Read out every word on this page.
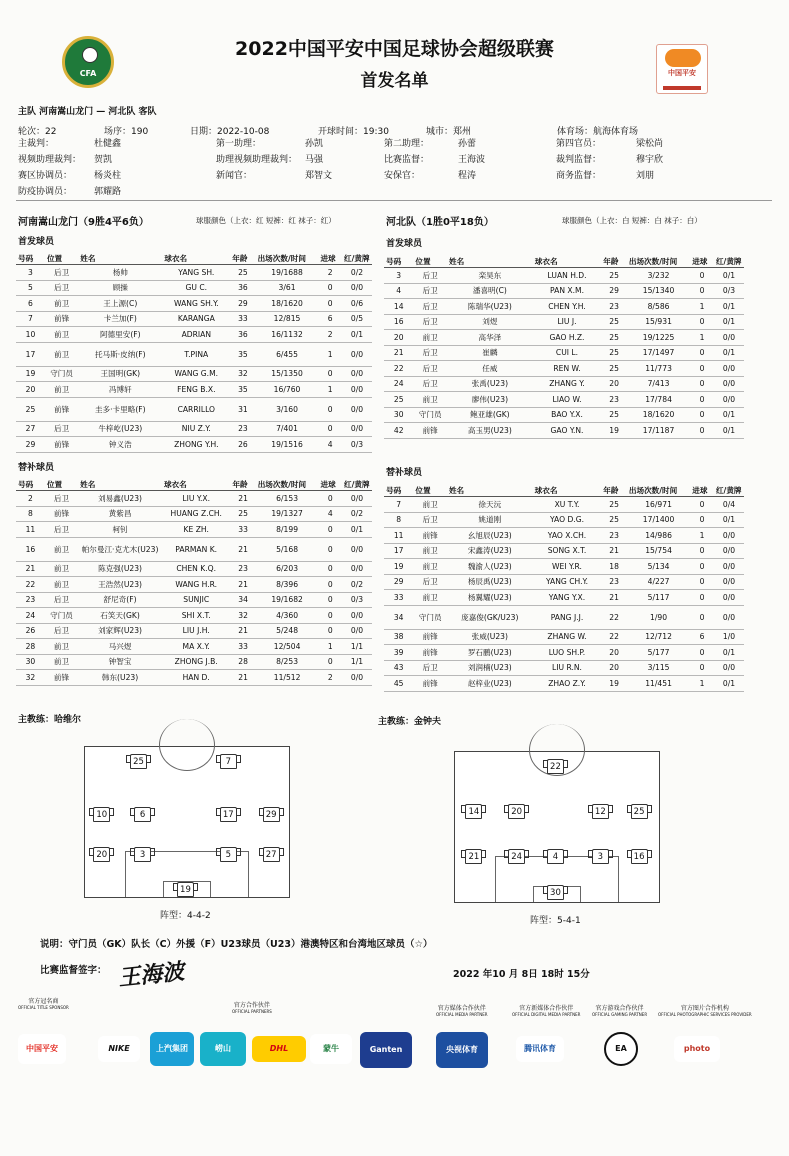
CFA	中国平安
2022中国平安中国足球协会超级联赛
首发名单
主队 河南嵩山龙门 — 河北队 客队
轮次：22	场序：190	日期：2022-10-08	开球时间：19:30	城市：郑州	体育场：航海体育场
主裁判：	杜健鑫	第一助理：	孙凯	第二助理：	孙蕾	第四官员：	梁松尚
视频助理裁判： 贺凯	助理视频助理裁判： 马强	比赛监督：	王海波	裁判监督：	穆宇欣
赛区协调员： 杨炎柱	新闻官：	郑智文	安保官：	程涛	商务监督：	刘朋
防疫协调员： 郭耀路
河南嵩山龙门（9胜4平6负）	球服颜色（上衣：红 短裤：红 袜子：红）
首发球员
河北队（1胜0平18负）	球服颜色（上衣：白 短裤：白 袜子：白）
首发球员
号码	位置	姓名	球衣名	年龄	出场次数/时间	进球	红/黄牌
3	后卫	杨帅	YANG SH.	25	19/1688	2	0/2
5	后卫	顾操	GU C.	36	3/61	0	0/0
6	前卫	王上源(C)	WANG SH.Y.	29	18/1620	0	0/6
7	前锋	卡兰加(F)	KARANGA	33	12/815	6	0/5
10	前卫	阿德里安(F)	ADRIAN	36	16/1132	2	0/1
17	前卫	托马斯·皮纳(F)	T.PINA	35	6/455	1	0/0
19	守门员	王国明(GK)	WANG G.M.	32	15/1350	0	0/0
20	前卫	冯博轩	FENG B.X.	35	16/760	1	0/0
25	前锋	圭多·卡里略(F)	CARRILLO	31	3/160	0	0/0
27	后卫	牛梓屹(U23)	NIU Z.Y.	23	7/401	0	0/0
29	前锋	钟义浩	ZHONG Y.H.	26	19/1516	4	0/3
号码	位置	姓名	球衣名	年龄	出场次数/时间	进球	红/黄牌
3	后卫	栾昊东	LUAN H.D.	25	3/232	0	0/1
4	后卫	潘喜明(C)	PAN X.M.	29	15/1340	0	0/3
14	后卫	陈瑞华(U23)	CHEN Y.H.	23	8/586	1	0/1
16	后卫	刘煜	LIU J.	25	15/931	0	0/1
20	前卫	高华泽	GAO H.Z.	25	19/1225	1	0/0
21	后卫	崔麟	CUI L.	25	17/1497	0	0/1
22	后卫	任威	REN W.	25	11/773	0	0/0
24	后卫	张禹(U23)	ZHANG Y.	20	7/413	0	0/0
25	前卫	廖伟(U23)	LIAO W.	23	17/784	0	0/0
30	守门员	鲍亚雄(GK)	BAO Y.X.	25	18/1620	0	0/1
42	前锋	高玉男(U23)	GAO Y.N.	19	17/1187	0	0/1
替补球员	替补球员
号码	位置	姓名	球衣名	年龄	出场次数/时间	进球	红/黄牌
2	后卫	刘易鑫(U23)	LIU Y.X.	21	6/153	0	0/0
8	前锋	黄紫昌	HUANG Z.CH.	25	19/1327	4	0/2
11	后卫	柯钊	KE ZH.	33	8/199	0	0/1
16	前卫	帕尔曼江·克尤木(U23)	PARMAN K.	21	5/168	0	0/0
21	前卫	陈克强(U23)	CHEN K.Q.	23	6/203	0	0/0
22	前卫	王浩然(U23)	WANG H.R.	21	8/396	0	0/2
23	后卫	舒尼奇(F)	SUNJIC	34	19/1682	0	0/3
24	守门员	石笑天(GK)	SHI X.T.	32	4/360	0	0/0
26	后卫	刘家辉(U23)	LIU J.H.	21	5/248	0	0/0
28	前卫	马兴煜	MA X.Y.	33	12/504	1	1/1
30	前卫	钟智宝	ZHONG J.B.	28	8/253	0	1/1
32	前锋	韩东(U23)	HAN D.	21	11/512	2	0/0
号码	位置	姓名	球衣名	年龄	出场次数/时间	进球	红/黄牌
7	前卫	徐天沅	XU T.Y.	25	16/971	0	0/4
8	后卫	姚道刚	YAO D.G.	25	17/1400	0	0/1
11	前锋	幺旭辰(U23)	YAO X.CH.	23	14/986	1	0/0
17	前卫	宋鑫涛(U23)	SONG X.T.	21	15/754	0	0/0
19	前卫	魏渝人(U23)	WEI Y.R.	18	5/134	0	0/0
29	后卫	杨辰禹(U23)	YANG CH.Y.	23	4/227	0	0/0
33	前卫	杨翼耀(U23)	YANG Y.X.	21	5/117	0	0/0
34	守门员	庞嘉俊(GK/U23)	PANG J.J.	22	1/90	0	0/0
38	前锋	张威(U23)	ZHANG W.	22	12/712	6	1/0
39	前锋	罗石鹏(U23)	LUO SH.P.	20	5/177	0	0/1
43	后卫	刘润楠(U23)	LIU R.N.	20	3/115	0	0/0
45	前锋	赵梓业(U23)	ZHAO Z.Y.	19	11/451	1	0/1
主教练：哈维尔	主教练：金钟夫
25	7
10	6	17	29
20	3	5	27
19
阵型：4-4-2
22
14	20	12	25
21	24	4	3	16
30
阵型：5-4-1
说明：守门员（GK）队长（C）外援（F）U23球员（U23）港澳特区和台湾地区球员（☆）
比赛监督签字： 王海波	2022 年10 月 8日 18时 15分
官方冠名商
OFFICIAL TITLE SPONSOR	官方合作伙伴
OFFICIAL PARTNERS	官方媒体合作伙伴
OFFICIAL MEDIA PARTNER
官方新媒体合作伙伴
OFFICIAL DIGITAL MEDIA PARTNER
官方游戏合作伙伴
OFFICIAL GAMING PARTNER
官方图片合作机构
OFFICIAL PHOTOGRAPHIC SERVICES PROVIDER
中国平安	NIKE	上汽集团	崂山	DHL	蒙牛	Ganten	央视体育	腾讯体育	EA	photo
